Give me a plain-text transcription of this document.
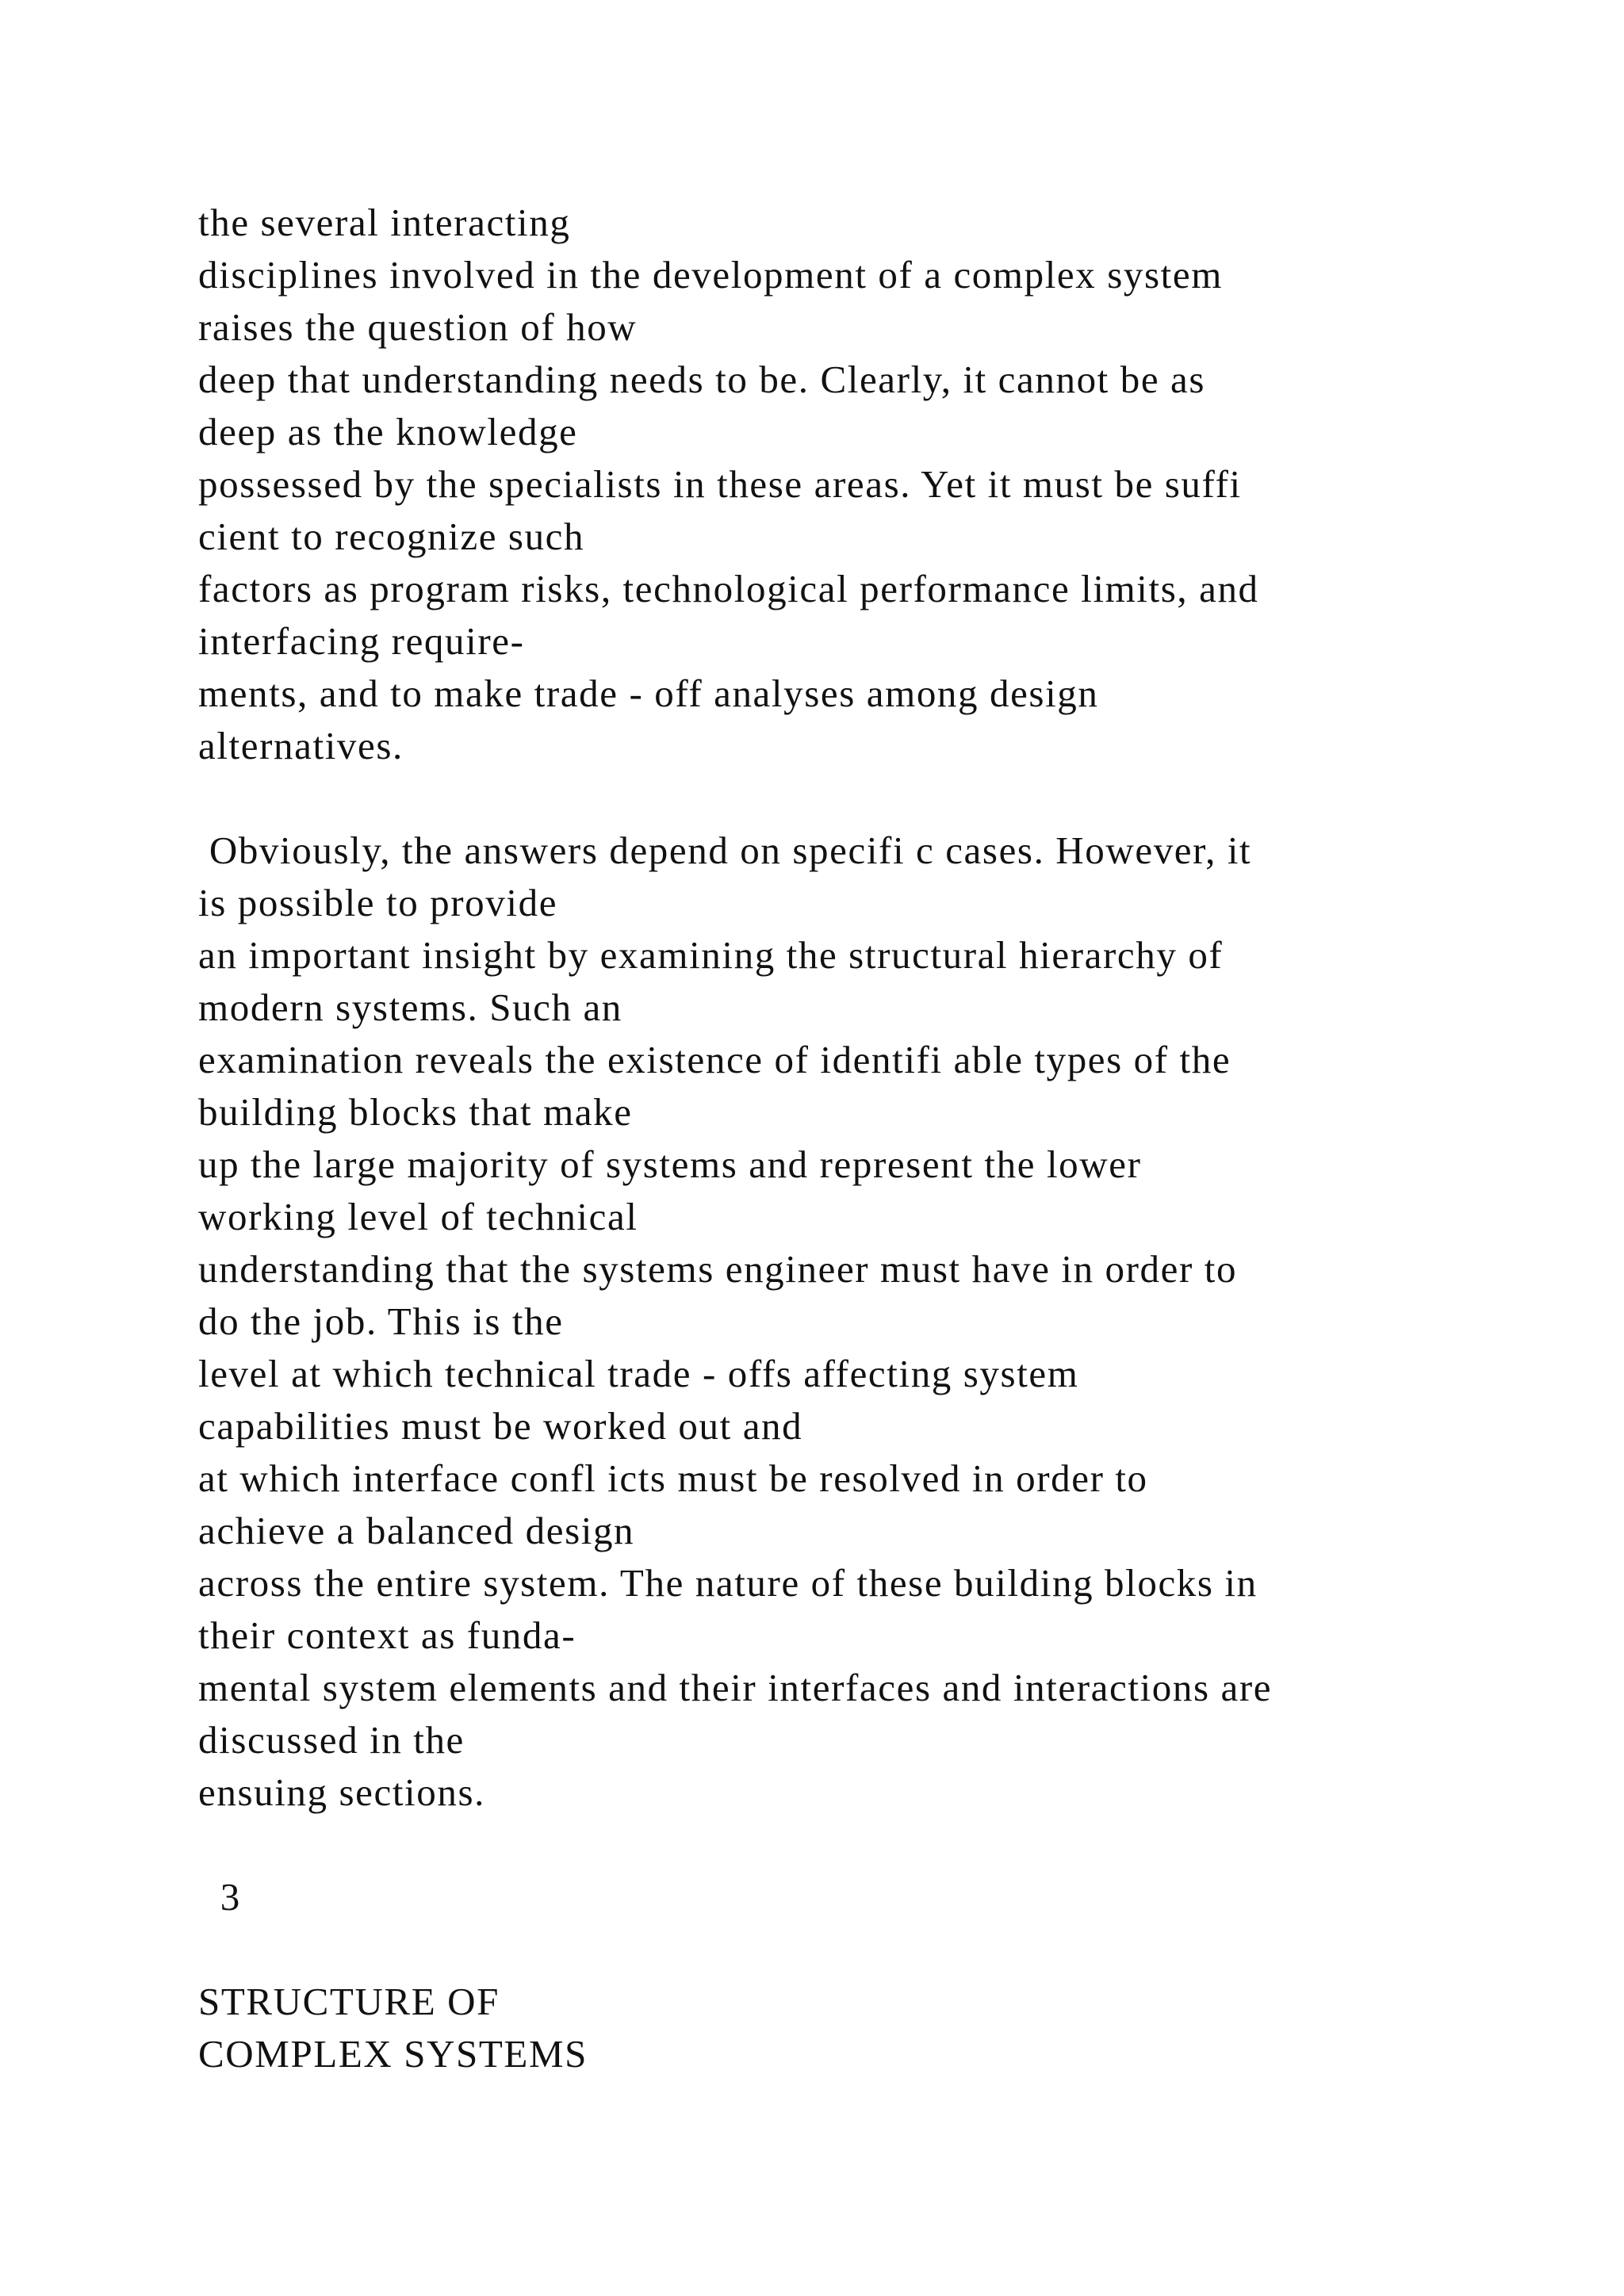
the several interacting
disciplines involved in the development of a complex system
raises the question of how
deep that understanding needs to be. Clearly, it cannot be as
deep as the knowledge
possessed by the specialists in these areas. Yet it must be suffi
cient to recognize such
factors as program risks, technological performance limits, and
interfacing require-
ments, and to make trade - off analyses among design
alternatives.
Obviously, the answers depend on specifi c cases. However, it
is possible to provide
an important insight by examining the structural hierarchy of
modern systems. Such an
examination reveals the existence of identifi able types of the
building blocks that make
up the large majority of systems and represent the lower
working level of technical
understanding that the systems engineer must have in order to
do the job. This is the
level at which technical trade - offs affecting system
capabilities must be worked out and
at which interface confl icts must be resolved in order to
achieve a balanced design
across the entire system. The nature of these building blocks in
their context as funda-
mental system elements and their interfaces and interactions are
discussed in the
ensuing sections.
3
STRUCTURE OF
COMPLEX SYSTEMS
